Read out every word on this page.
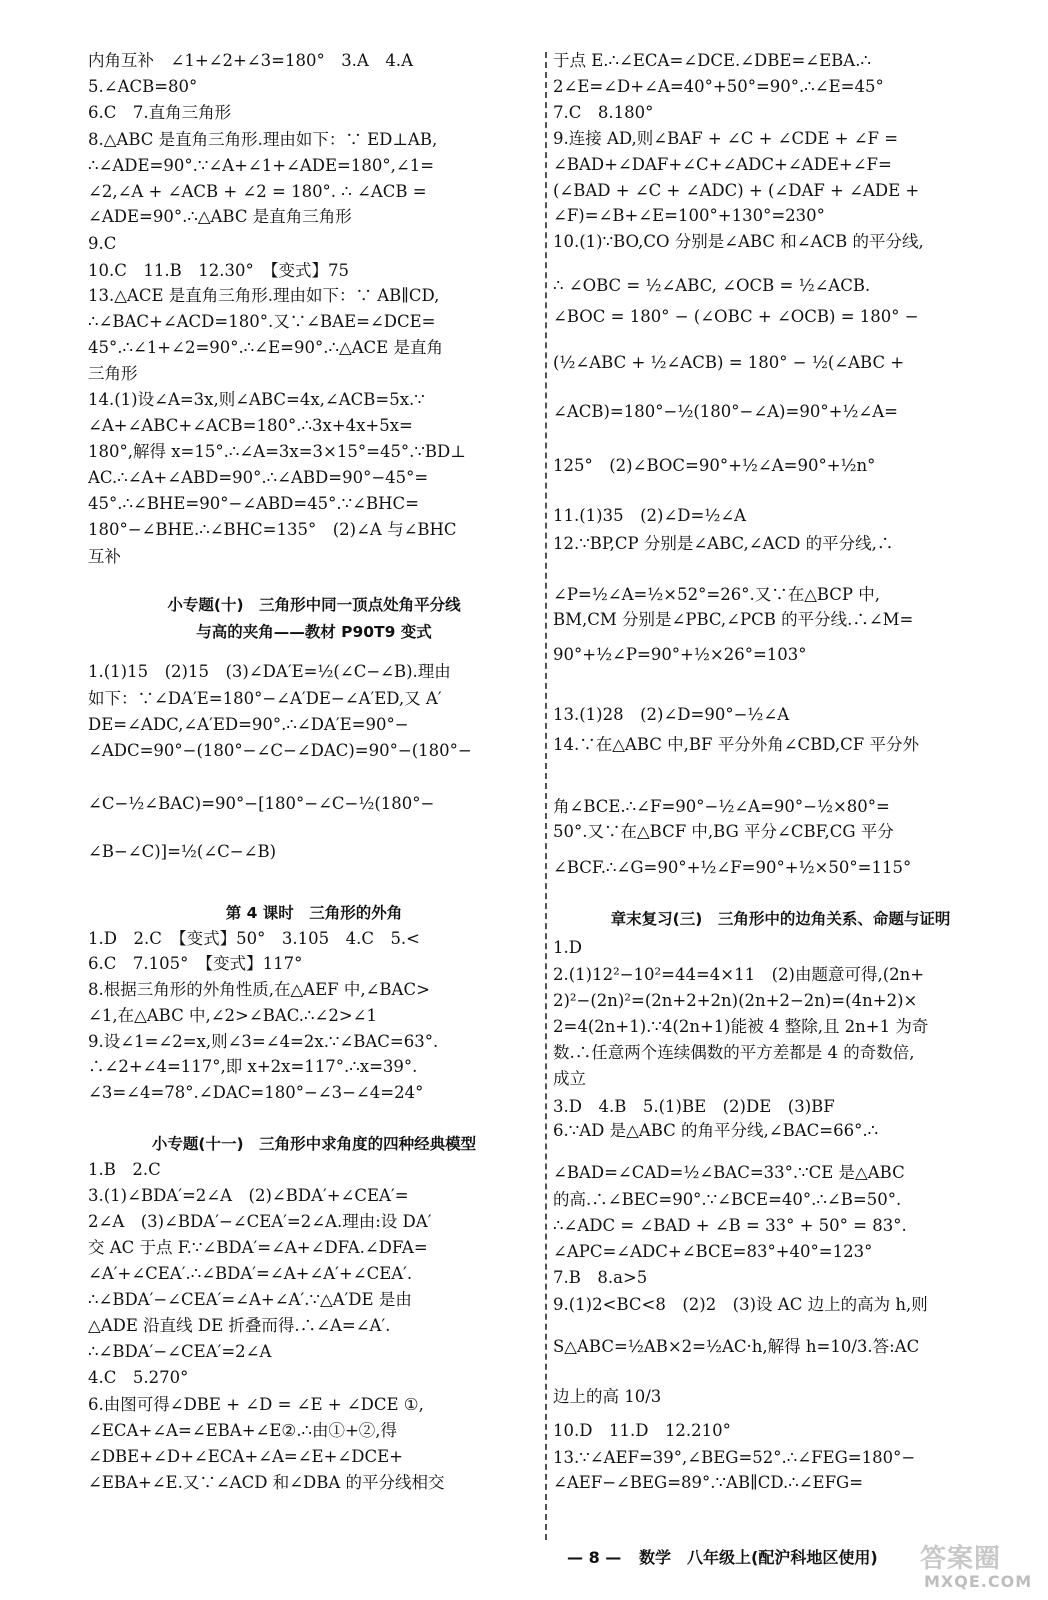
内角互补　∠1+∠2+∠3=180°　3.A　4.A
5.∠ACB=80°
6.C　7.直角三角形
8.△ABC 是直角三角形.理由如下：∵ ED⊥AB,
∴∠ADE=90°.∵∠A+∠1+∠ADE=180°,∠1=
∠2,∠A + ∠ACB + ∠2 = 180°. ∴ ∠ACB =
∠ADE=90°.∴△ABC 是直角三角形
9.C
10.C　11.B　12.30°　【变式】75
13.△ACE 是直角三角形.理由如下：∵ AB∥CD,
∴∠BAC+∠ACD=180°.又∵∠BAE=∠DCE=
45°.∴∠1+∠2=90°.∴∠E=90°.∴△ACE 是直角
三角形
14.(1)设∠A=3x,则∠ABC=4x,∠ACB=5x.∵
∠A+∠ABC+∠ACB=180°.∴3x+4x+5x=
180°,解得 x=15°.∴∠A=3x=3×15°=45°.∵BD⊥
AC.∴∠A+∠ABD=90°.∴∠ABD=90°−45°=
45°.∴∠BHE=90°−∠ABD=45°.∵∠BHC=
180°−∠BHE.∴∠BHC=135°　(2)∠A 与∠BHC
互补
小专题(十)　三角形中同一顶点处角平分线
与高的夹角——教材 P90T9 变式
1.(1)15　(2)15　(3)∠DA′E=½(∠C−∠B).理由
如下：∵∠DA′E=180°−∠A′DE−∠A′ED,又 A′
DE=∠ADC,∠A′ED=90°.∴∠DA′E=90°−
∠ADC=90°−(180°−∠C−∠DAC)=90°−(180°−
∠C−½∠BAC)=90°−[180°−∠C−½(180°−
∠B−∠C)]=½(∠C−∠B)
第 4 课时　三角形的外角
1.D　2.C　【变式】50°　3.105　4.C　5.<
6.C　7.105°　【变式】117°
8.根据三角形的外角性质,在△AEF 中,∠BAC>
∠1,在△ABC 中,∠2>∠BAC.∴∠2>∠1
9.设∠1=∠2=x,则∠3=∠4=2x.∵∠BAC=63°.
∴∠2+∠4=117°,即 x+2x=117°.∴x=39°.
∠3=∠4=78°.∠DAC=180°−∠3−∠4=24°
小专题(十一)　三角形中求角度的四种经典模型
1.B　2.C
3.(1)∠BDA′=2∠A　(2)∠BDA′+∠CEA′=
2∠A　(3)∠BDA′−∠CEA′=2∠A.理由:设 DA′
交 AC 于点 F.∵∠BDA′=∠A+∠DFA.∠DFA=
∠A′+∠CEA′.∴∠BDA′=∠A+∠A′+∠CEA′.
∴∠BDA′−∠CEA′=∠A+∠A′.∵△A′DE 是由
△ADE 沿直线 DE 折叠而得.∴∠A=∠A′.
∴∠BDA′−∠CEA′=2∠A
4.C　5.270°
6.由图可得∠DBE + ∠D = ∠E + ∠DCE ①,
∠ECA+∠A=∠EBA+∠E②.∴由①+②,得
∠DBE+∠D+∠ECA+∠A=∠E+∠DCE+
∠EBA+∠E.又∵∠ACD 和∠DBA 的平分线相交
于点 E.∴∠ECA=∠DCE.∠DBE=∠EBA.∴
2∠E=∠D+∠A=40°+50°=90°.∴∠E=45°
7.C　8.180°
9.连接 AD,则∠BAF + ∠C + ∠CDE + ∠F =
∠BAD+∠DAF+∠C+∠ADC+∠ADE+∠F=
(∠BAD + ∠C + ∠ADC) + (∠DAF + ∠ADE +
∠F)=∠B+∠E=100°+130°=230°
10.(1)∵BO,CO 分别是∠ABC 和∠ACB 的平分线,
∴ ∠OBC = ½∠ABC, ∠OCB = ½∠ACB.
∠BOC = 180° − (∠OBC + ∠OCB) = 180° −
(½∠ABC + ½∠ACB) = 180° − ½(∠ABC +
∠ACB)=180°−½(180°−∠A)=90°+½∠A=
125°　(2)∠BOC=90°+½∠A=90°+½n°
11.(1)35　(2)∠D=½∠A
12.∵BP,CP 分别是∠ABC,∠ACD 的平分线,∴
∠P=½∠A=½×52°=26°.又∵在△BCP 中,
BM,CM 分别是∠PBC,∠PCB 的平分线.∴∠M=
90°+½∠P=90°+½×26°=103°
13.(1)28　(2)∠D=90°−½∠A
14.∵在△ABC 中,BF 平分外角∠CBD,CF 平分外
角∠BCE.∴∠F=90°−½∠A=90°−½×80°=
50°.又∵在△BCF 中,BG 平分∠CBF,CG 平分
∠BCF.∴∠G=90°+½∠F=90°+½×50°=115°
章末复习(三)　三角形中的边角关系、命题与证明
1.D
2.(1)12²−10²=44=4×11　(2)由题意可得,(2n+
2)²−(2n)²=(2n+2+2n)(2n+2−2n)=(4n+2)×
2=4(2n+1).∵4(2n+1)能被 4 整除,且 2n+1 为奇
数.∴任意两个连续偶数的平方差都是 4 的奇数倍,
成立
3.D　4.B　5.(1)BE　(2)DE　(3)BF
6.∵AD 是△ABC 的角平分线,∠BAC=66°.∴
∠BAD=∠CAD=½∠BAC=33°.∵CE 是△ABC
的高.∴∠BEC=90°.∵∠BCE=40°.∴∠B=50°.
∴∠ADC = ∠BAD + ∠B = 33° + 50° = 83°.
∠APC=∠ADC+∠BCE=83°+40°=123°
7.B　8.a>5
9.(1)2<BC<8　(2)2　(3)设 AC 边上的高为 h,则
S△ABC=½AB×2=½AC·h,解得 h=10/3.答:AC
边上的高 10/3
10.D　11.D　12.210°
13.∵∠AEF=39°,∠BEG=52°.∴∠FEG=180°−
∠AEF−∠BEG=89°.∵AB∥CD.∴∠EFG=
— 8 — 数学　八年级上(配沪科地区使用) 答案圈
MXQE.COM
